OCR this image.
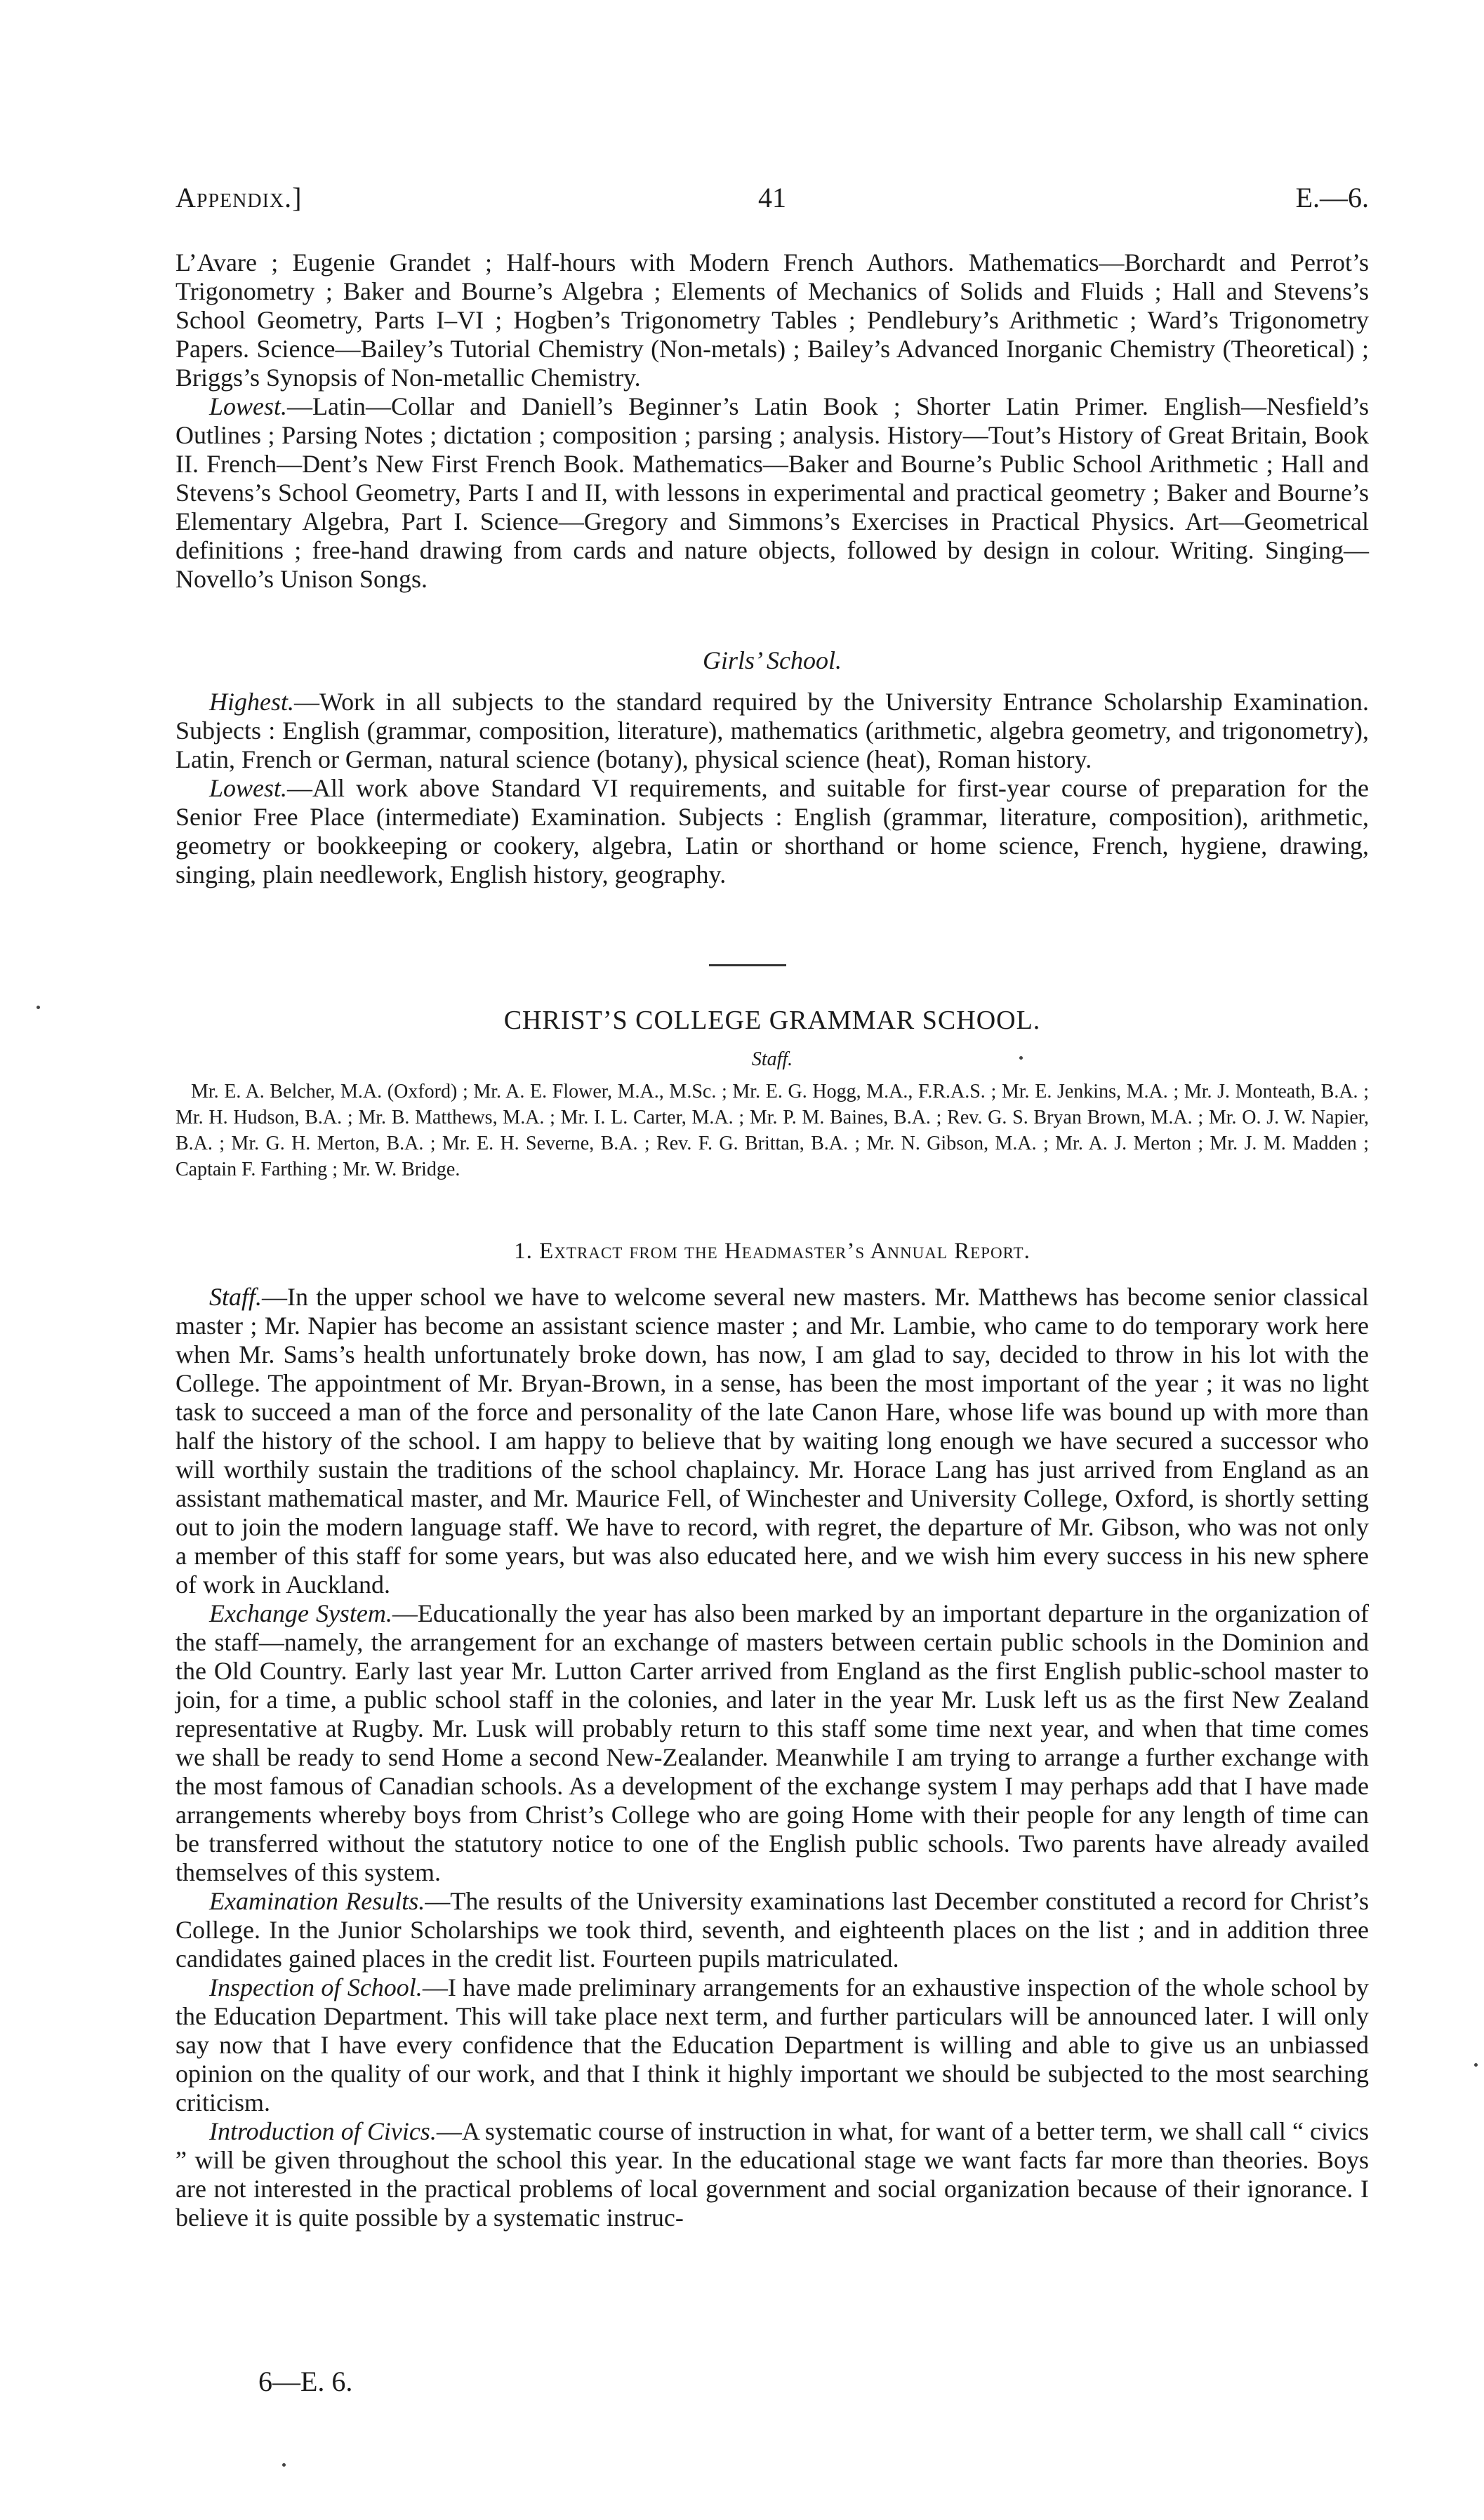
Appendix.]	41	E.—6.

L’Avare ; Eugenie Grandet ; Half-hours with Modern French Authors. Mathematics—Borchardt and Perrot’s Trigonometry ; Baker and Bourne’s Algebra ; Elements of Mechanics of Solids and Fluids ; Hall and Stevens’s School Geometry, Parts I–VI ; Hogben’s Trigonometry Tables ; Pendlebury’s Arithmetic ; Ward’s Trigonometry Papers. Science—Bailey’s Tutorial Chemistry (Non-metals) ; Bailey’s Advanced Inorganic Chemistry (Theoretical) ; Briggs’s Synopsis of Non-metallic Chemistry.

Lowest.—Latin—Collar and Daniell’s Beginner’s Latin Book ; Shorter Latin Primer. English—Nesfield’s Outlines ; Parsing Notes ; dictation ; composition ; parsing ; analysis. History—Tout’s History of Great Britain, Book II. French—Dent’s New First French Book. Mathematics—Baker and Bourne’s Public School Arithmetic ; Hall and Stevens’s School Geometry, Parts I and II, with lessons in experimental and practical geometry ; Baker and Bourne’s Elementary Algebra, Part I. Science—Gregory and Simmons’s Exercises in Practical Physics. Art—Geometrical definitions ; free-hand drawing from cards and nature objects, followed by design in colour. Writing. Singing—Novello’s Unison Songs.

Girls’ School.

Highest.—Work in all subjects to the standard required by the University Entrance Scholarship Examination. Subjects : English (grammar, composition, literature), mathematics (arithmetic, algebra geometry, and trigonometry), Latin, French or German, natural science (botany), physical science (heat), Roman history.

Lowest.—All work above Standard VI requirements, and suitable for first-year course of preparation for the Senior Free Place (intermediate) Examination. Subjects : English (grammar, literature, composition), arithmetic, geometry or bookkeeping or cookery, algebra, Latin or shorthand or home science, French, hygiene, drawing, singing, plain needlework, English history, geography.

CHRIST’S COLLEGE GRAMMAR SCHOOL.
Staff.
Mr. E. A. Belcher, M.A. (Oxford) ; Mr. A. E. Flower, M.A., M.Sc. ; Mr. E. G. Hogg, M.A., F.R.A.S. ; Mr. E. Jenkins, M.A. ; Mr. J. Monteath, B.A. ; Mr. H. Hudson, B.A. ; Mr. B. Matthews, M.A. ; Mr. I. L. Carter, M.A. ; Mr. P. M. Baines, B.A. ; Rev. G. S. Bryan Brown, M.A. ; Mr. O. J. W. Napier, B.A. ; Mr. G. H. Merton, B.A. ; Mr. E. H. Severne, B.A. ; Rev. F. G. Brittan, B.A. ; Mr. N. Gibson, M.A. ; Mr. A. J. Merton ; Mr. J. M. Madden ; Captain F. Farthing ; Mr. W. Bridge.
1. Extract from the Headmaster’s Annual Report.

Staff.—In the upper school we have to welcome several new masters. Mr. Matthews has become senior classical master ; Mr. Napier has become an assistant science master ; and Mr. Lambie, who came to do temporary work here when Mr. Sams’s health unfortunately broke down, has now, I am glad to say, decided to throw in his lot with the College. The appointment of Mr. Bryan-Brown, in a sense, has been the most important of the year ; it was no light task to succeed a man of the force and personality of the late Canon Hare, whose life was bound up with more than half the history of the school. I am happy to believe that by waiting long enough we have secured a successor who will worthily sustain the traditions of the school chaplaincy. Mr. Horace Lang has just arrived from England as an assistant mathematical master, and Mr. Maurice Fell, of Winchester and University College, Oxford, is shortly setting out to join the modern language staff. We have to record, with regret, the departure of Mr. Gibson, who was not only a member of this staff for some years, but was also educated here, and we wish him every success in his new sphere of work in Auckland.

Exchange System.—Educationally the year has also been marked by an important departure in the organization of the staff—namely, the arrangement for an exchange of masters between certain public schools in the Dominion and the Old Country. Early last year Mr. Lutton Carter arrived from England as the first English public-school master to join, for a time, a public school staff in the colonies, and later in the year Mr. Lusk left us as the first New Zealand representative at Rugby. Mr. Lusk will probably return to this staff some time next year, and when that time comes we shall be ready to send Home a second New-Zealander. Meanwhile I am trying to arrange a further exchange with the most famous of Canadian schools. As a development of the exchange system I may perhaps add that I have made arrangements whereby boys from Christ’s College who are going Home with their people for any length of time can be transferred without the statutory notice to one of the English public schools. Two parents have already availed themselves of this system.

Examination Results.—The results of the University examinations last December constituted a record for Christ’s College. In the Junior Scholarships we took third, seventh, and eighteenth places on the list ; and in addition three candidates gained places in the credit list. Fourteen pupils matriculated.

Inspection of School.—I have made preliminary arrangements for an exhaustive inspection of the whole school by the Education Department. This will take place next term, and further particulars will be announced later. I will only say now that I have every confidence that the Education Department is willing and able to give us an unbiassed opinion on the quality of our work, and that I think it highly important we should be subjected to the most searching criticism.

Introduction of Civics.—A systematic course of instruction in what, for want of a better term, we shall call “ civics ” will be given throughout the school this year. In the educational stage we want facts far more than theories. Boys are not interested in the practical problems of local government and social organization because of their ignorance. I believe it is quite possible by a systematic instruc-

6—E. 6.
